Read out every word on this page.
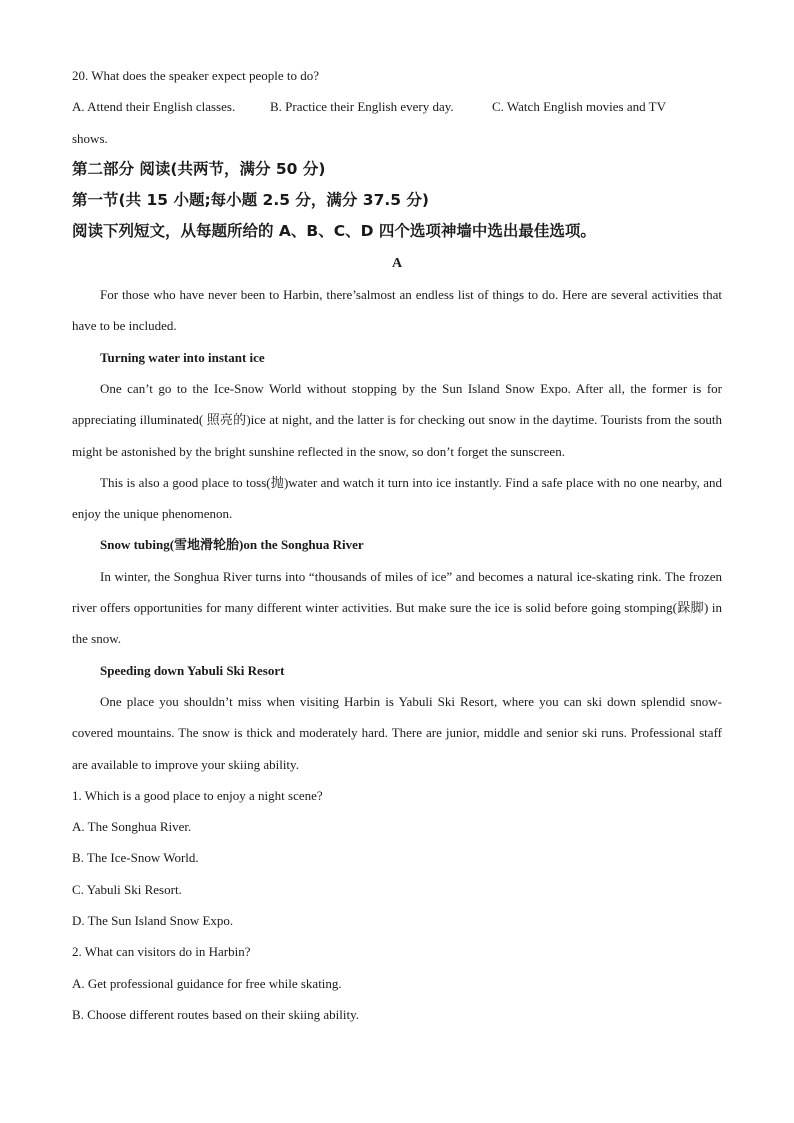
20. What does the speaker expect people to do?

A. Attend their English classes.	B. Practice their English every day.	C. Watch English movies and TV

shows.

第二部分 阅读(共两节，满分 50 分)

第一节(共 15 小题;每小题 2.5 分，满分 37.5 分)

阅读下列短文，从每题所给的 A、B、C、D 四个选项神墙中选出最佳选项。

A

For those who have never been to Harbin, there’salmost an endless list of things to do. Here are several activities that have to be included.

Turning water into instant ice

One can’t go to the Ice-Snow World without stopping by the Sun Island Snow Expo. After all, the former is for appreciating illuminated( 照亮的)ice at night, and the latter is for checking out snow in the daytime. Tourists from the south might be astonished by the bright sunshine reflected in the snow, so don’t forget the sunscreen.

This is also a good place to toss(抛)water and watch it turn into ice instantly. Find a safe place with no one nearby, and enjoy the unique phenomenon.

Snow tubing(雪地滑轮胎)on the Songhua River

In winter, the Songhua River turns into “thousands of miles of ice” and becomes a natural ice-skating rink. The frozen river offers opportunities for many different winter activities. But make sure the ice is solid before going stomping(跺脚) in the snow.

Speeding down Yabuli Ski Resort

One place you shouldn’t miss when visiting Harbin is Yabuli Ski Resort, where you can ski down splendid snow-covered mountains. The snow is thick and moderately hard. There are junior, middle and senior ski runs. Professional staff are available to improve your skiing ability.

1. Which is a good place to enjoy a night scene?

A. The Songhua River.

B. The Ice-Snow World.

C. Yabuli Ski Resort.

D. The Sun Island Snow Expo.

2. What can visitors do in Harbin?

A. Get professional guidance for free while skating.

B. Choose different routes based on their skiing ability.
